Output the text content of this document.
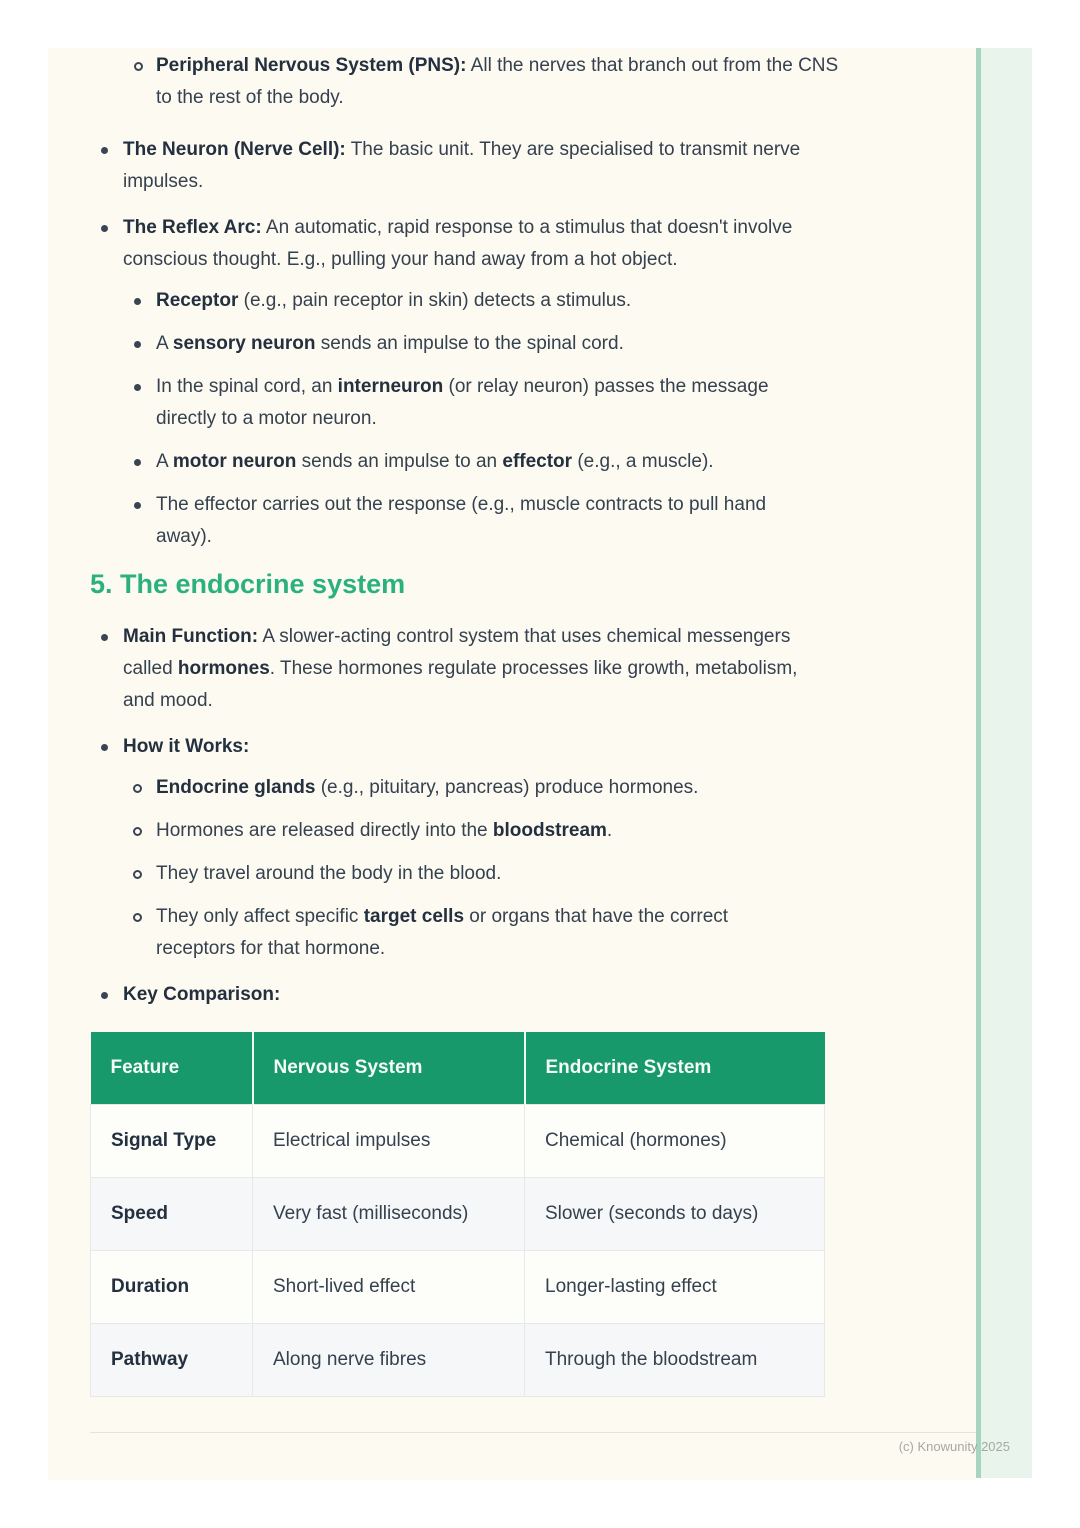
Peripheral Nervous System (PNS): All the nerves that branch out from the CNS to the rest of the body.
The Neuron (Nerve Cell): The basic unit. They are specialised to transmit nerve impulses.
The Reflex Arc: An automatic, rapid response to a stimulus that doesn't involve conscious thought. E.g., pulling your hand away from a hot object.
Receptor (e.g., pain receptor in skin) detects a stimulus.
A sensory neuron sends an impulse to the spinal cord.
In the spinal cord, an interneuron (or relay neuron) passes the message directly to a motor neuron.
A motor neuron sends an impulse to an effector (e.g., a muscle).
The effector carries out the response (e.g., muscle contracts to pull hand away).
5. The endocrine system
Main Function: A slower-acting control system that uses chemical messengers called hormones. These hormones regulate processes like growth, metabolism, and mood.
How it Works:
Endocrine glands (e.g., pituitary, pancreas) produce hormones.
Hormones are released directly into the bloodstream.
They travel around the body in the blood.
They only affect specific target cells or organs that have the correct receptors for that hormone.
Key Comparison:
Feature	Nervous System	Endocrine System
Signal Type	Electrical impulses	Chemical (hormones)
Speed	Very fast (milliseconds)	Slower (seconds to days)
Duration	Short-lived effect	Longer-lasting effect
Pathway	Along nerve fibres	Through the bloodstream
(c) Knowunity 2025
